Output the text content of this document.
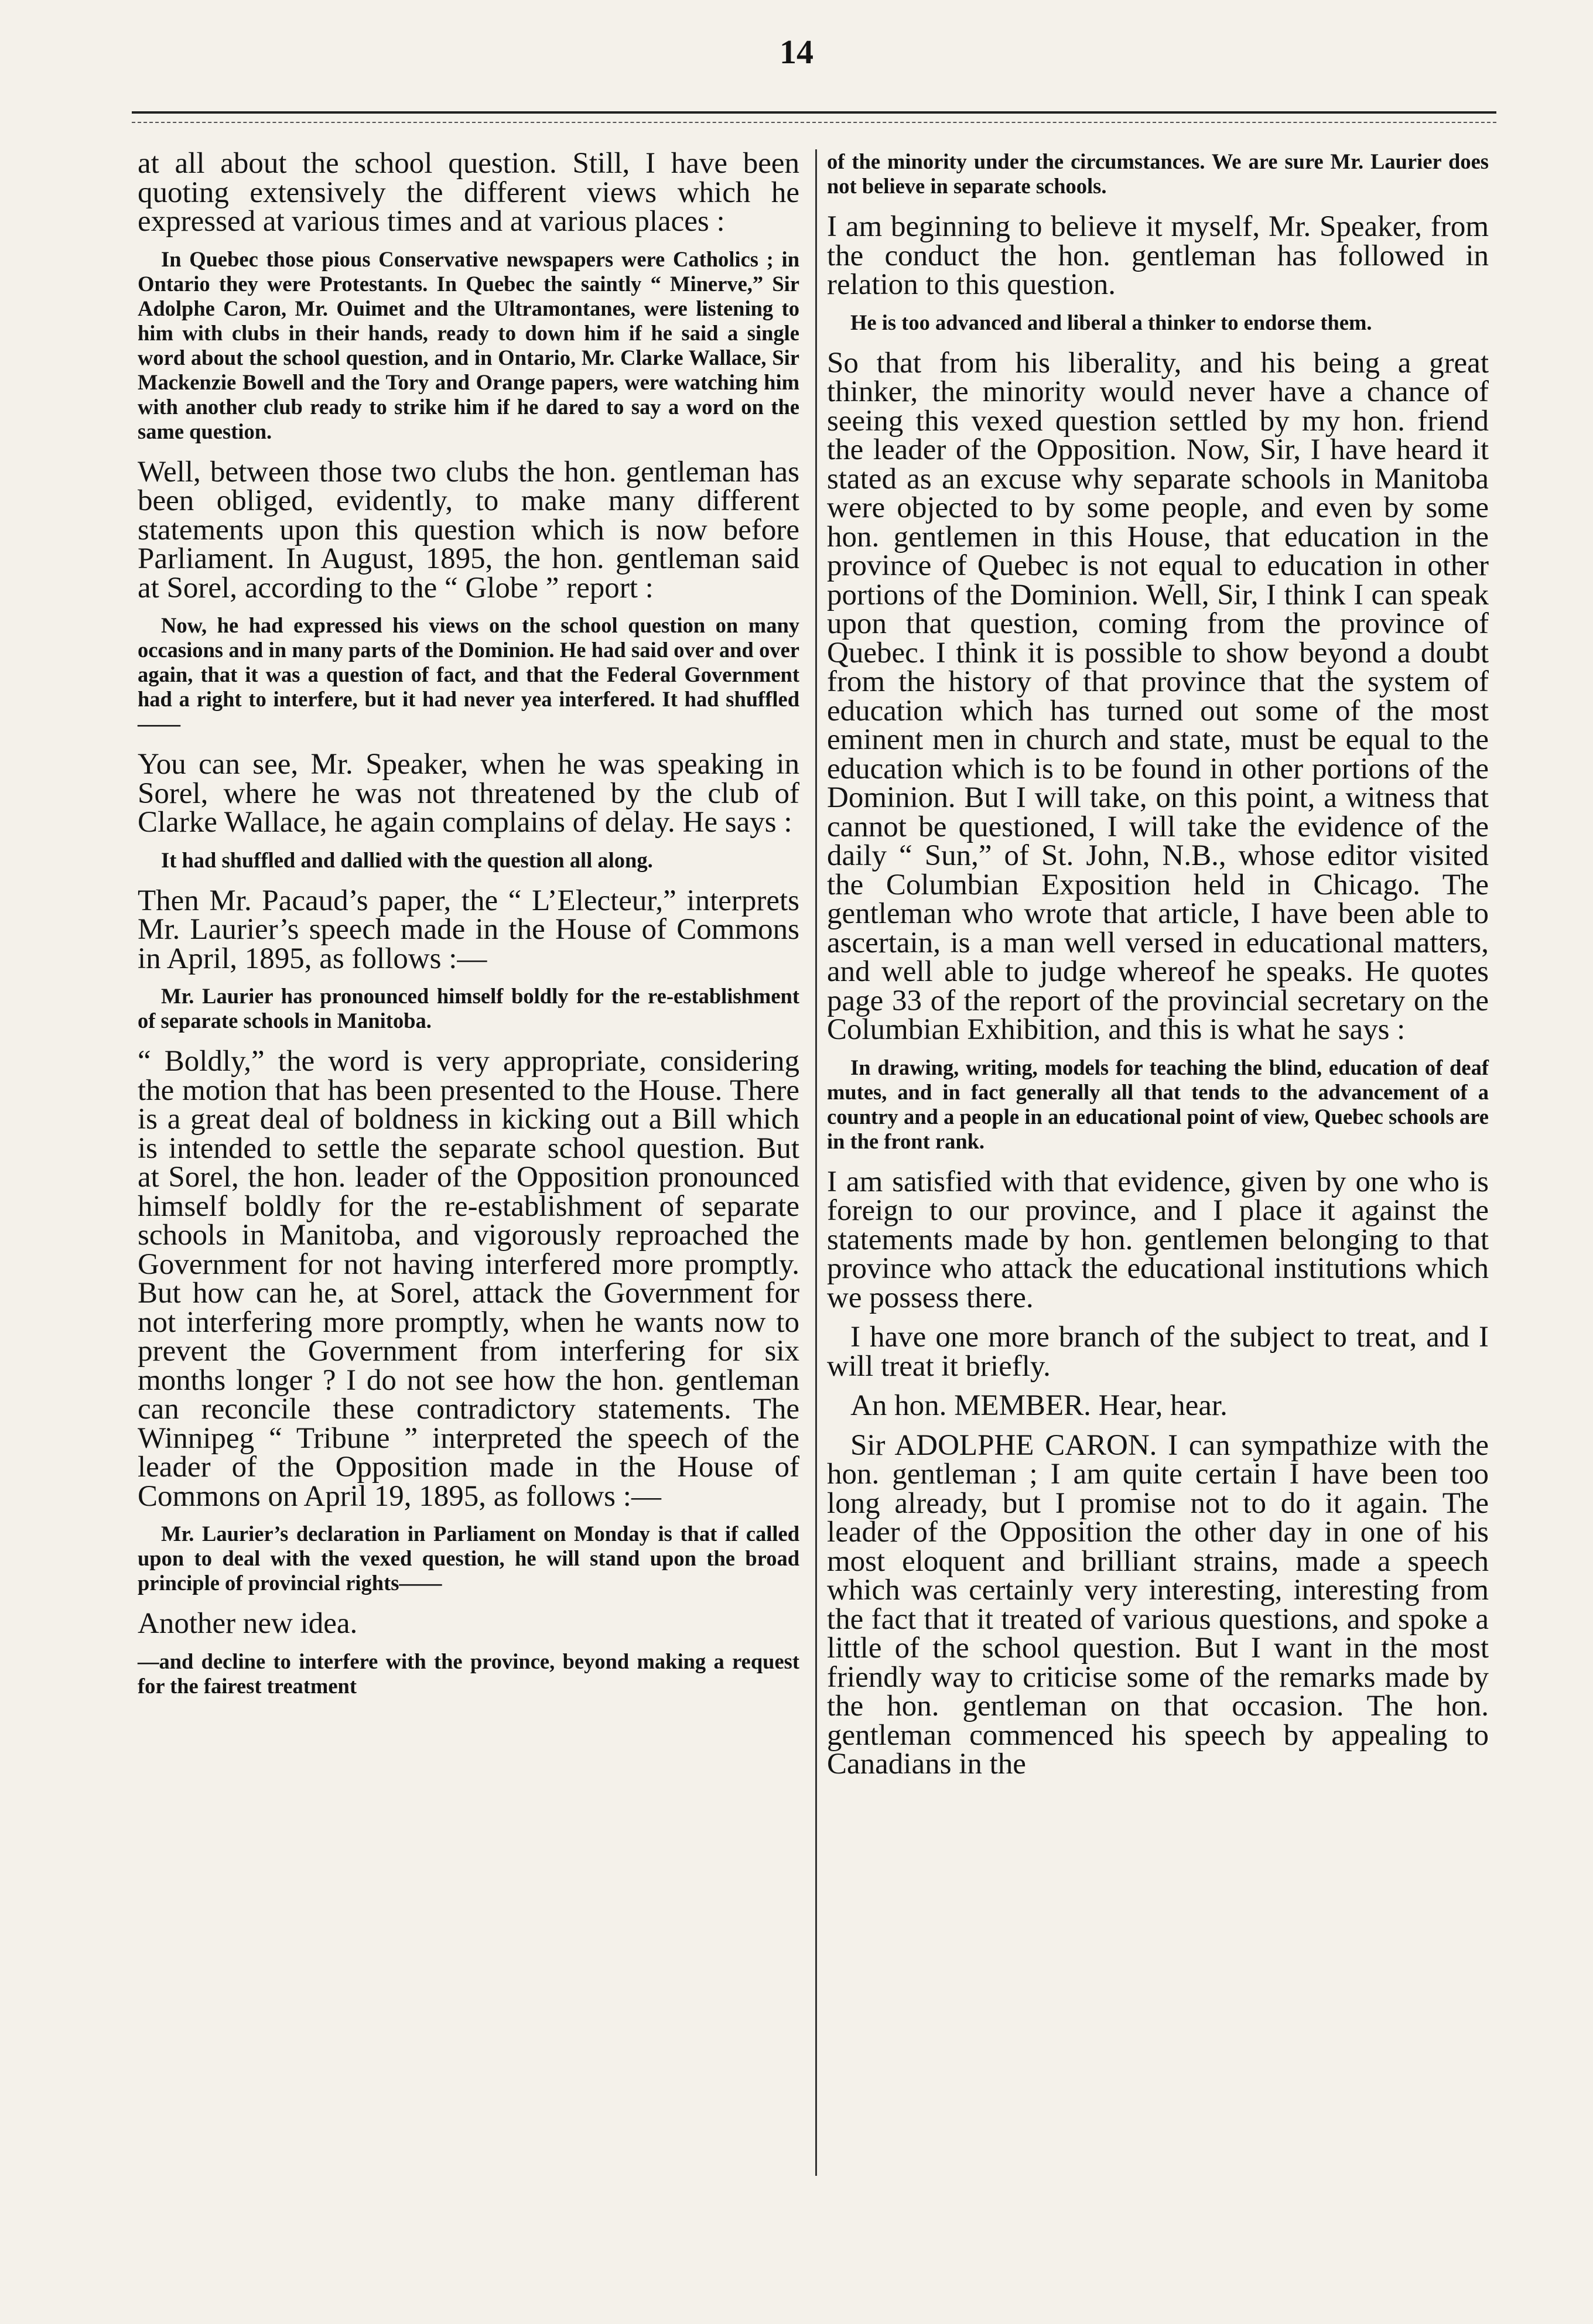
14

at all about the school question. Still, I have been quoting extensively the different views which he expressed at various times and at various places :

In Quebec those pious Conservative newspapers were Catholics ; in Ontario they were Protestants. In Quebec the saintly “ Minerve,” Sir Adolphe Caron, Mr. Ouimet and the Ultramontanes, were listening to him with clubs in their hands, ready to down him if he said a single word about the school question, and in Ontario, Mr. Clarke Wallace, Sir Mackenzie Bowell and the Tory and Orange papers, were watching him with another club ready to strike him if he dared to say a word on the same question.

Well, between those two clubs the hon. gentleman has been obliged, evidently, to make many different statements upon this question which is now before Parliament. In August, 1895, the hon. gentleman said at Sorel, according to the “ Globe ” report :

Now, he had expressed his views on the school question on many occasions and in many parts of the Dominion. He had said over and over again, that it was a question of fact, and that the Federal Government had a right to interfere, but it had never yea interfered. It had shuffled——

You can see, Mr. Speaker, when he was speaking in Sorel, where he was not threatened by the club of Clarke Wallace, he again complains of delay. He says :

It had shuffled and dallied with the question all along.

Then Mr. Pacaud’s paper, the “ L’Electeur,” interprets Mr. Laurier’s speech made in the House of Commons in April, 1895, as follows :—

Mr. Laurier has pronounced himself boldly for the re-establishment of separate schools in Manitoba.

“ Boldly,” the word is very appropriate, considering the motion that has been presented to the House. There is a great deal of boldness in kicking out a Bill which is intended to settle the separate school question. But at Sorel, the hon. leader of the Opposition pronounced himself boldly for the re-establishment of separate schools in Manitoba, and vigorously reproached the Government for not having interfered more promptly. But how can he, at Sorel, attack the Government for not interfering more promptly, when he wants now to prevent the Government from interfering for six months longer ? I do not see how the hon. gentleman can reconcile these contradictory statements. The Winnipeg “ Tribune ” interpreted the speech of the leader of the Opposition made in the House of Commons on April 19, 1895, as follows :—

Mr. Laurier’s declaration in Parliament on Monday is that if called upon to deal with the vexed question, he will stand upon the broad principle of provincial rights——

Another new idea.

—and decline to interfere with the province, beyond making a request for the fairest treatment

of the minority under the circumstances. We are sure Mr. Laurier does not believe in separate schools.

I am beginning to believe it myself, Mr. Speaker, from the conduct the hon. gentleman has followed in relation to this question.

He is too advanced and liberal a thinker to endorse them.

So that from his liberality, and his being a great thinker, the minority would never have a chance of seeing this vexed question settled by my hon. friend the leader of the Opposition. Now, Sir, I have heard it stated as an excuse why separate schools in Manitoba were objected to by some people, and even by some hon. gentlemen in this House, that education in the province of Quebec is not equal to education in other portions of the Dominion. Well, Sir, I think I can speak upon that question, coming from the province of Quebec. I think it is possible to show beyond a doubt from the history of that province that the system of education which has turned out some of the most eminent men in church and state, must be equal to the education which is to be found in other portions of the Dominion. But I will take, on this point, a witness that cannot be questioned, I will take the evidence of the daily “ Sun,” of St. John, N.B., whose editor visited the Columbian Exposition held in Chicago. The gentleman who wrote that article, I have been able to ascertain, is a man well versed in educational matters, and well able to judge whereof he speaks. He quotes page 33 of the report of the provincial secretary on the Columbian Exhibition, and this is what he says :

In drawing, writing, models for teaching the blind, education of deaf mutes, and in fact generally all that tends to the advancement of a country and a people in an educational point of view, Quebec schools are in the front rank.

I am satisfied with that evidence, given by one who is foreign to our province, and I place it against the statements made by hon. gentlemen belonging to that province who attack the educational institutions which we possess there.

I have one more branch of the subject to treat, and I will treat it briefly.

An hon. MEMBER. Hear, hear.

Sir ADOLPHE CARON. I can sympathize with the hon. gentleman ; I am quite certain I have been too long already, but I promise not to do it again. The leader of the Opposition the other day in one of his most eloquent and brilliant strains, made a speech which was certainly very interesting, interesting from the fact that it treated of various questions, and spoke a little of the school question. But I want in the most friendly way to criticise some of the remarks made by the hon. gentleman on that occasion. The hon. gentleman commenced his speech by appealing to Canadians in the
